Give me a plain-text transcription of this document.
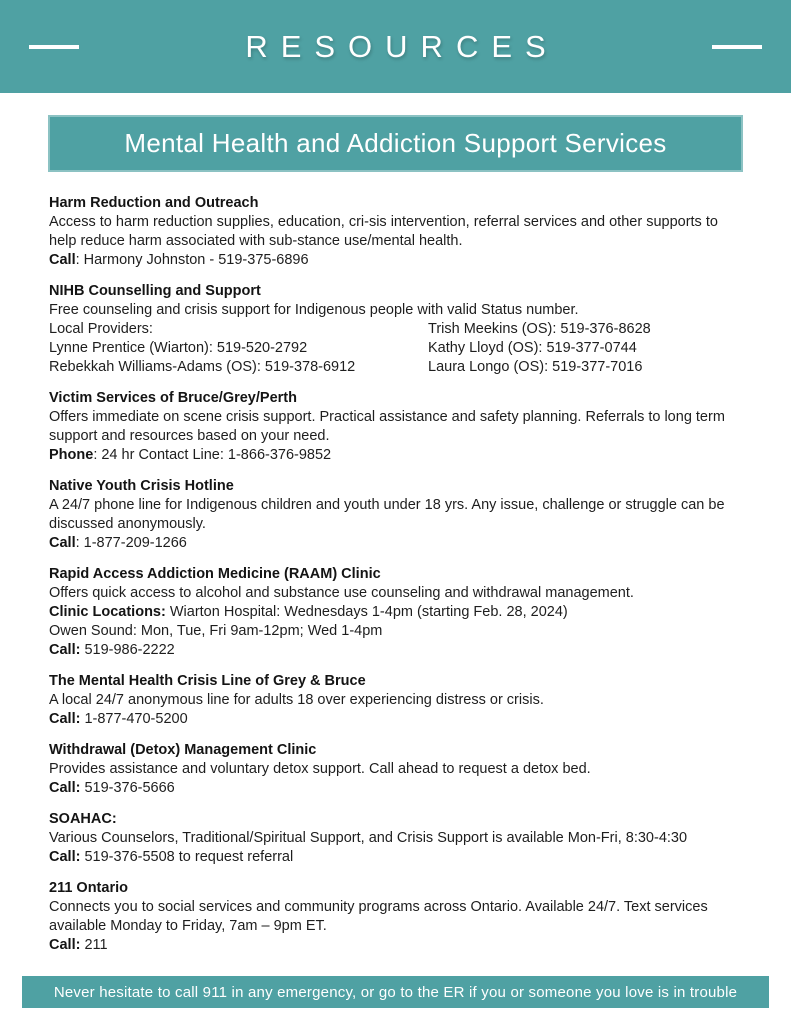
RESOURCES
Mental Health and Addiction Support Services
Harm Reduction and Outreach
Access to harm reduction supplies, education, cri-sis intervention, referral services and other supports to help reduce harm associated with sub-stance use/mental health.
Call: Harmony Johnston - 519-375-6896
NIHB Counselling and Support
Free counseling and crisis support for Indigenous people with valid Status number.
Local Providers:	Trish Meekins (OS): 519-376-8628
Lynne Prentice (Wiarton): 519-520-2792	Kathy Lloyd (OS): 519-377-0744
Rebekkah Williams-Adams (OS): 519-378-6912	Laura Longo (OS): 519-377-7016
Victim Services of Bruce/Grey/Perth
Offers immediate on scene crisis support. Practical assistance and safety planning. Referrals to long term support and resources based on your need.
Phone: 24 hr Contact Line: 1-866-376-9852
Native Youth Crisis Hotline
A 24/7 phone line for Indigenous children and youth under 18 yrs. Any issue, challenge or struggle can be discussed anonymously.
Call: 1-877-209-1266
Rapid Access Addiction Medicine (RAAM) Clinic
Offers quick access to alcohol and substance use counseling and withdrawal management.
Clinic Locations: Wiarton Hospital: Wednesdays 1-4pm (starting Feb. 28, 2024)
Owen Sound: Mon, Tue, Fri 9am-12pm; Wed 1-4pm
Call: 519-986-2222
The Mental Health Crisis Line of Grey & Bruce
A local 24/7 anonymous line for adults 18 over experiencing distress or crisis.
Call: 1-877-470-5200
Withdrawal (Detox) Management Clinic
Provides assistance and voluntary detox support. Call ahead to request a detox bed.
Call: 519-376-5666
SOAHAC:
Various Counselors, Traditional/Spiritual Support, and Crisis Support is available Mon-Fri, 8:30-4:30
Call: 519-376-5508 to request referral
211 Ontario
Connects you to social services and community programs across Ontario. Available 24/7. Text services available Monday to Friday, 7am – 9pm ET.
Call: 211
Never hesitate to call 911 in any emergency, or go to the ER if you or someone you love is in trouble
